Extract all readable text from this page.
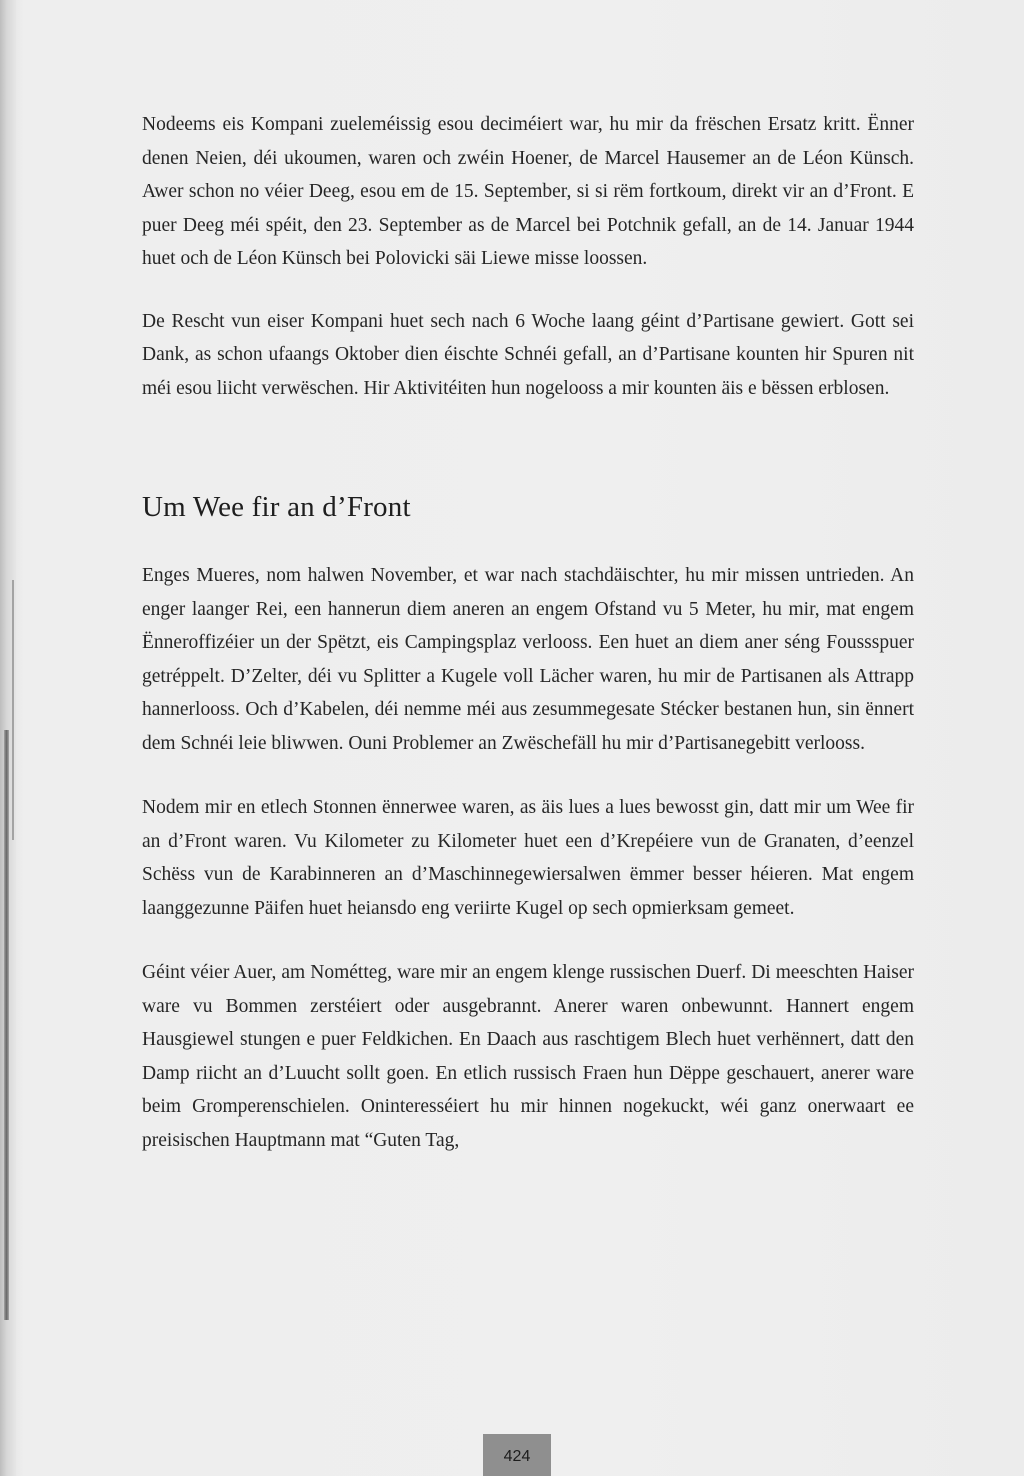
Nodeems eis Kompani zueleméissig esou deciméiert war, hu mir da frëschen Ersatz kritt. Ënner denen Neien, déi ukoumen, waren och zwéin Hoener, de Marcel Hausemer an de Léon Künsch. Awer schon no véier Deeg, esou em de 15. September, si si rëm fortkoum, direkt vir an d’Front. E puer Deeg méi spéit, den 23. September as de Marcel bei Potchnik gefall, an de 14. Januar 1944 huet och de Léon Künsch bei Polovicki säi Liewe misse loossen.

De Rescht vun eiser Kompani huet sech nach 6 Woche laang géint d’Partisane gewiert. Gott sei Dank, as schon ufaangs Oktober dien éischte Schnéi gefall, an d’Partisane kounten hir Spuren nit méi esou liicht verwëschen. Hir Aktivitéiten hun nogelooss a mir kounten äis e bëssen erblosen.

Um Wee fir an d’Front

Enges Mueres, nom halwen November, et war nach stachdäischter, hu mir missen untrieden. An enger laanger Rei, een hannerun diem aneren an engem Ofstand vu 5 Meter, hu mir, mat engem Ënneroffizéier un der Spëtzt, eis Campingsplaz verlooss. Een huet an diem aner séng Foussspuer getréppelt. D’Zelter, déi vu Splitter a Kugele voll Lächer waren, hu mir de Partisanen als Attrapp hannerlooss. Och d’Kabelen, déi nemme méi aus zesummegesate Stécker bestanen hun, sin ënnert dem Schnéi leie bliwwen. Ouni Problemer an Zwëschefäll hu mir d’Partisanegebitt verlooss.

Nodem mir en etlech Stonnen ënnerwee waren, as äis lues a lues bewosst gin, datt mir um Wee fir an d’Front waren. Vu Kilometer zu Kilometer huet een d’Krepéiere vun de Granaten, d’eenzel Schëss vun de Karabinneren an d’Maschinnegewiersalwen ëmmer besser héieren. Mat engem laanggezunne Päifen huet heiansdo eng veriirte Kugel op sech opmierksam gemeet.

Géint véier Auer, am Nométteg, ware mir an engem klenge russischen Duerf. Di meeschten Haiser ware vu Bommen zerstéiert oder ausgebrannt. Anerer waren onbewunnt. Hannert engem Hausgiewel stungen e puer Feldkichen. En Daach aus raschtigem Blech huet verhënnert, datt den Damp riicht an d’Luucht sollt goen. En etlich russisch Fraen hun Dëppe geschauert, anerer ware beim Gromperenschielen. Oninteresséiert hu mir hinnen nogekuckt, wéi ganz onerwaart ee preisischen Hauptmann mat “Guten Tag,

424
